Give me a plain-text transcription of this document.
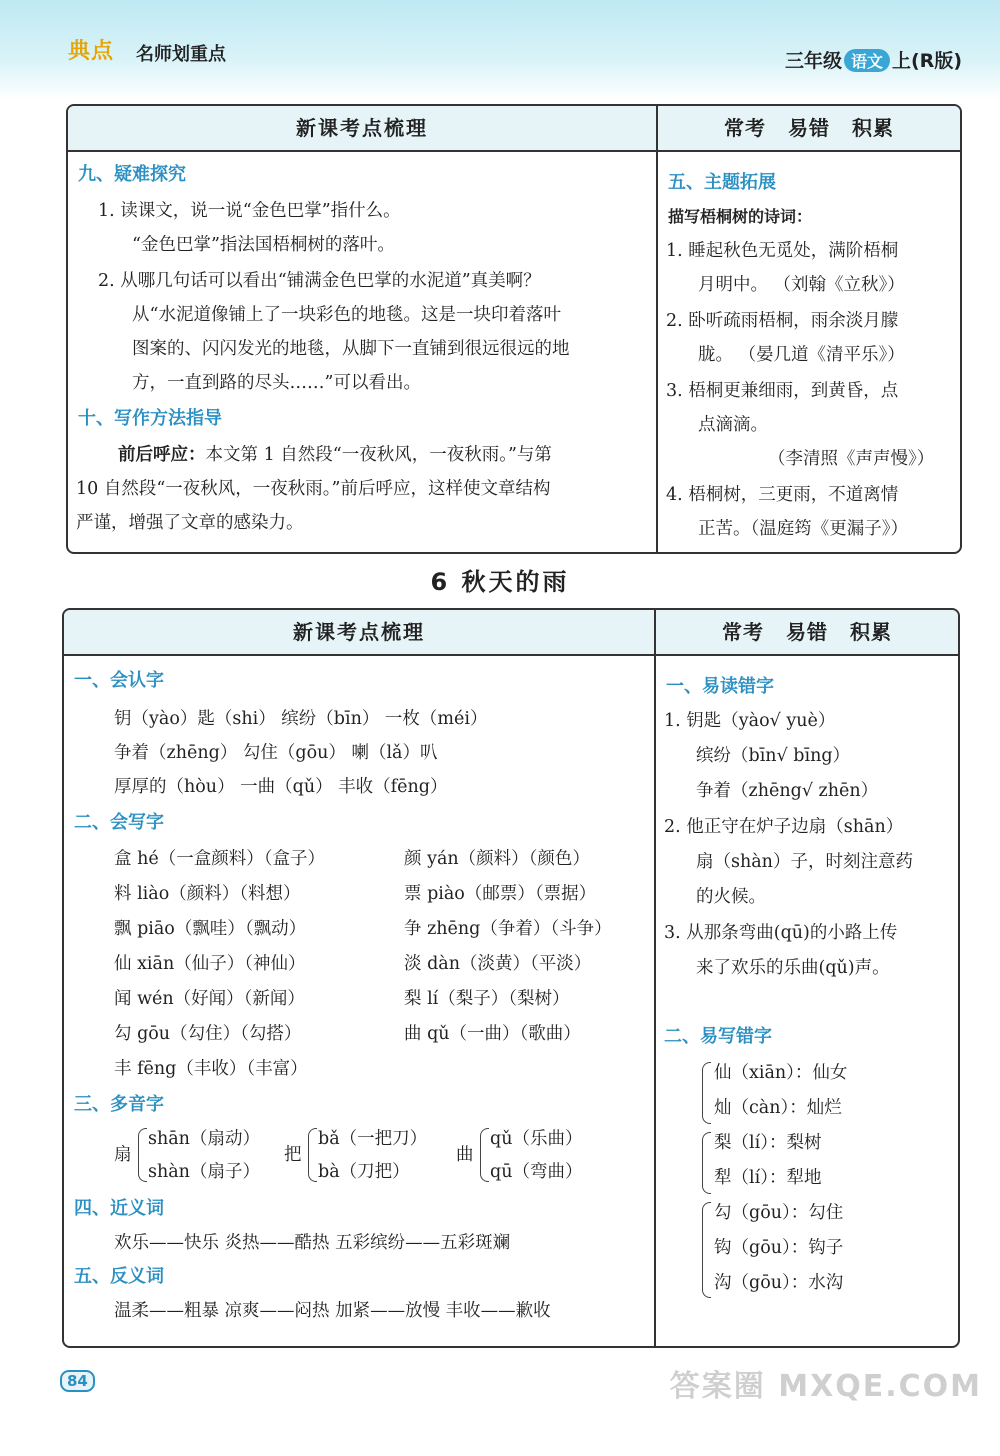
典点 名师划重点	三年级 语文 上(R版)
新课考点梳理
九、疑难探究
1. 读课文，说一说“金色巴掌”指什么。
“金色巴掌”指法国梧桐树的落叶。
2. 从哪几句话可以看出“铺满金色巴掌的水泥道”真美啊？
从“水泥道像铺上了一块彩色的地毯。这是一块印着落叶
图案的、闪闪发光的地毯，从脚下一直铺到很远很远的地
方，一直到路的尽头……”可以看出。
十、写作方法指导
前后呼应：本文第 1 自然段“一夜秋风，一夜秋雨。”与第
10 自然段“一夜秋风，一夜秋雨。”前后呼应，这样使文章结构
严谨，增强了文章的感染力。
常考 易错 积累
五、主题拓展
描写梧桐树的诗词：
1. 睡起秋色无觅处，满阶梧桐
月明中。 （刘翰《立秋》）
2. 卧听疏雨梧桐，雨余淡月朦
胧。 （晏几道《清平乐》）
3. 梧桐更兼细雨，到黄昏，点
点滴滴。
（李清照《声声慢》）
4. 梧桐树，三更雨，不道离情
正苦。（温庭筠《更漏子》）
6 秋天的雨
新课考点梳理
一、会认字
钥（yào）匙（shi） 缤纷（bīn） 一枚（méi）
争着（zhēng） 勾住（gōu） 喇（lǎ）叭
厚厚的（hòu） 一曲（qǔ） 丰收（fēng）
二、会写字
盒 hé（一盒颜料）（盒子）
料 liào（颜料）（料想）
飘 piāo（飘哇）（飘动）
仙 xiān（仙子）（神仙）
闻 wén（好闻）（新闻）
勾 gōu（勾住）（勾搭）
丰 fēng（丰收）（丰富）
颜 yán（颜料）（颜色）
票 piào（邮票）（票据）
争 zhēng（争着）（斗争）
淡 dàn（淡黄）（平淡）
梨 lí（梨子）（梨树）
曲 qǔ（一曲）（歌曲）
三、多音字
扇
shān（扇动）
shàn（扇子）
把
bǎ（一把刀）
bà（刀把）
曲
qǔ（乐曲）
qū（弯曲）
四、近义词
欢乐——快乐 炎热——酷热 五彩缤纷——五彩斑斓
五、反义词
温柔——粗暴 凉爽——闷热 加紧——放慢 丰收——歉收
常考 易错 积累
一、易读错字
1. 钥匙（yào√ yuè）
缤纷（bīn√ bīng）
争着（zhēng√ zhēn）
2. 他正守在炉子边扇（shān）
扇（shàn）子，时刻注意药
的火候。
3. 从那条弯曲(qū)的小路上传
来了欢乐的乐曲(qǔ)声。
二、易写错字
仙（xiān）：仙女
灿（càn）：灿烂
梨（lí）：梨树
犁（lí）：犁地
勾（gōu）：勾住
钩（gōu）：钩子
沟（gōu）：水沟
84	答案圈 MXQE.COM
